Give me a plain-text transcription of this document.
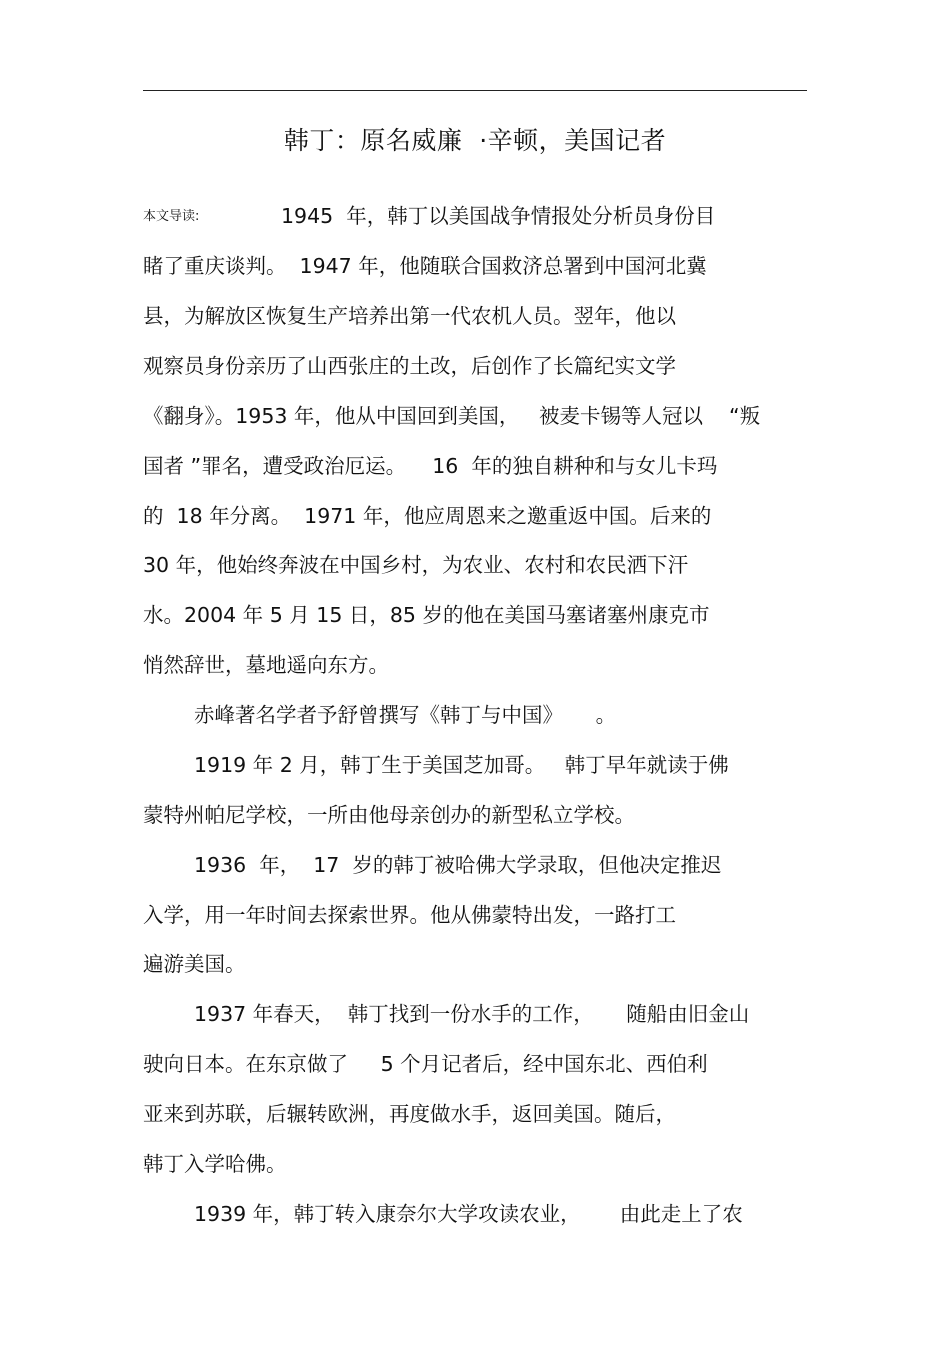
韩丁：原名威廉  ·辛顿，美国记者
本文导读:	1945  年，韩丁以美国战争情报处分析员身份目
睹了重庆谈判。  1947 年，他随联合国救济总署到中国河北冀
县，为解放区恢复生产培养出第一代农机人员。翌年，他以
观察员身份亲历了山西张庄的土改，后创作了长篇纪实文学
《翻身》。1953 年，他从中国回到美国，   被麦卡锡等人冠以    “叛
国者 ”罪名，遭受政治厄运。    16  年的独自耕种和与女儿卡玛
的  18 年分离。  1971 年，他应周恩来之邀重返中国。后来的
30 年，他始终奔波在中国乡村，为农业、农村和农民洒下汗
水。2004 年 5 月 15 日，85 岁的他在美国马塞诸塞州康克市
悄然辞世，墓地遥向东方。
赤峰著名学者予舒曾撰写《韩丁与中国》     。
1919 年 2 月，韩丁生于美国芝加哥。   韩丁早年就读于佛
蒙特州帕尼学校，一所由他母亲创办的新型私立学校。
1936  年，  17  岁的韩丁被哈佛大学录取，但他决定推迟
入学，用一年时间去探索世界。他从佛蒙特出发，一路打工
遍游美国。
1937 年春天，  韩丁找到一份水手的工作，     随船由旧金山
驶向日本。在东京做了     5 个月记者后，经中国东北、西伯利
亚来到苏联，后辗转欧洲，再度做水手，返回美国。随后，
韩丁入学哈佛。
1939 年，韩丁转入康奈尔大学攻读农业，      由此走上了农
